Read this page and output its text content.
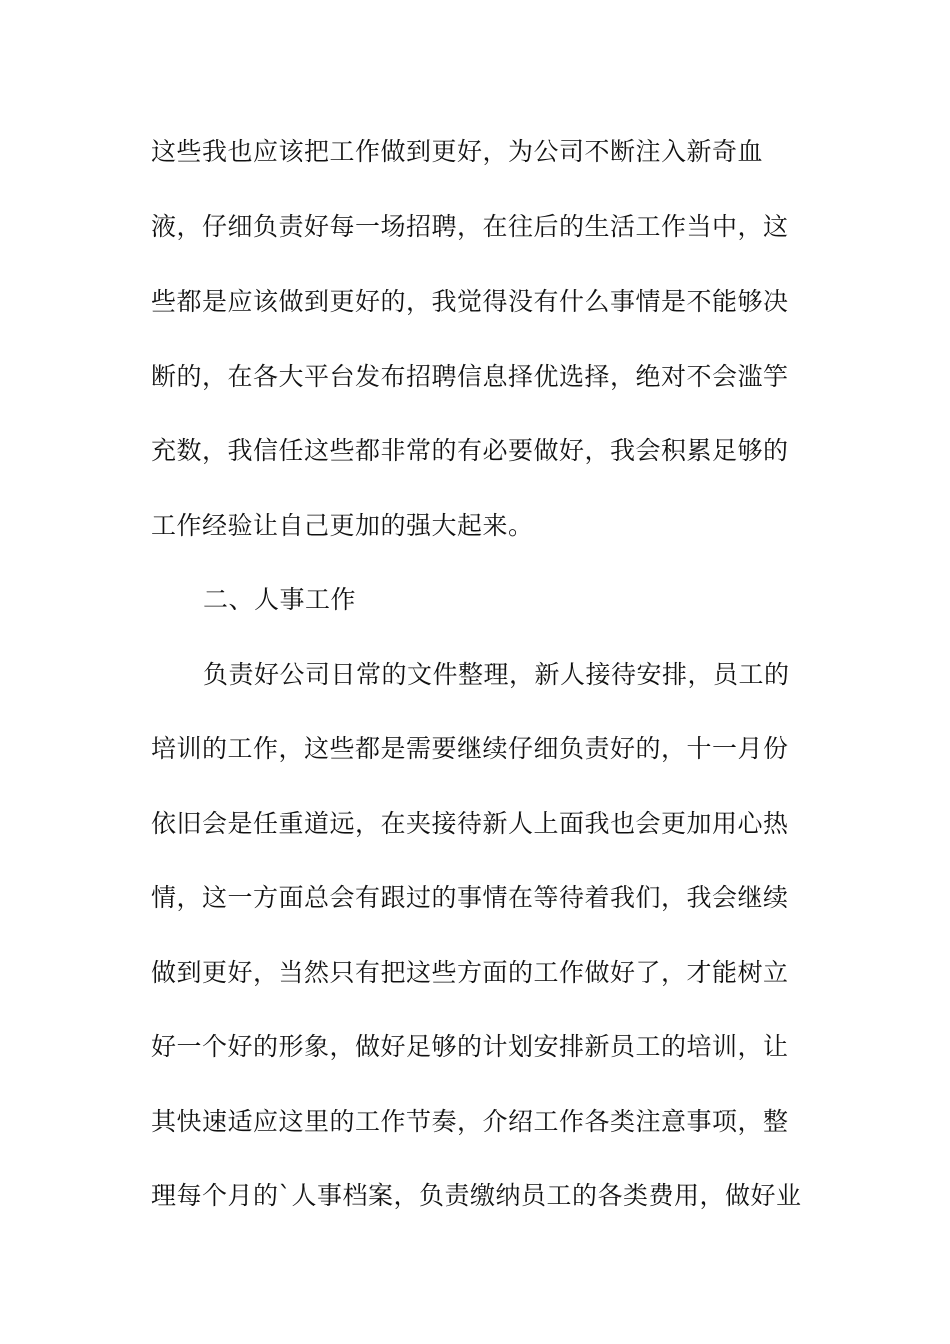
这些我也应该把工作做到更好，为公司不断注入新奇血
液，仔细负责好每一场招聘，在往后的生活工作当中，这
些都是应该做到更好的，我觉得没有什么事情是不能够决
断的，在各大平台发布招聘信息择优选择，绝对不会滥竽
充数，我信任这些都非常的有必要做好，我会积累足够的
工作经验让自己更加的强大起来。
二、人事工作
负责好公司日常的文件整理，新人接待安排，员工的
培训的工作，这些都是需要继续仔细负责好的，十一月份
依旧会是任重道远，在夹接待新人上面我也会更加用心热
情，这一方面总会有跟过的事情在等待着我们，我会继续
做到更好，当然只有把这些方面的工作做好了，才能树立
好一个好的形象，做好足够的计划安排新员工的培训，让
其快速适应这里的工作节奏，介绍工作各类注意事项，整
理每个月的`人事档案，负责缴纳员工的各类费用，做好业
